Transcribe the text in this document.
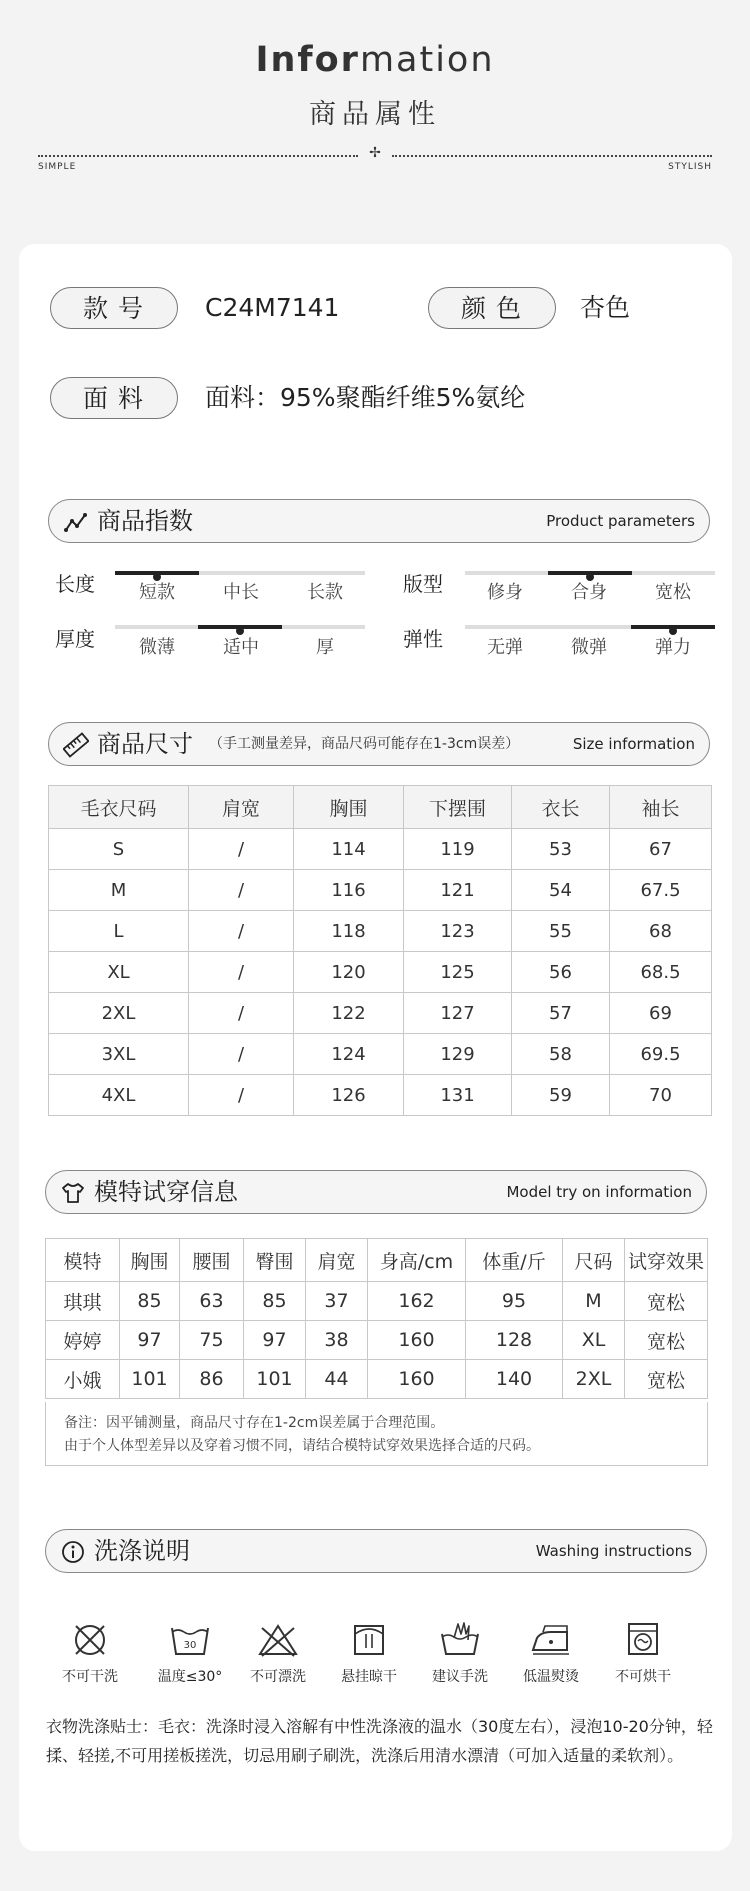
Information
商品属性
✢
SIMPLE	STYLISH
款号	C24M7141	颜色	杏色
面料	面料：95%聚酯纤维5%氨纶
商品指数	Product parameters
长度	短款	中长	长款	版型	修身	合身	宽松
厚度	微薄	适中	厚	弹性	无弹	微弹	弹力
商品尺寸 （手工测量差异，商品尺码可能存在1-3cm误差）	Size information
毛衣尺码	肩宽	胸围	下摆围	衣长	袖长
S	/	114	119	53	67
M	/	116	121	54	67.5
L	/	118	123	55	68
XL	/	120	125	56	68.5
2XL	/	122	127	57	69
3XL	/	124	129	58	69.5
4XL	/	126	131	59	70
模特试穿信息	Model try on information
模特	胸围	腰围	臀围	肩宽	身高/cm	体重/斤	尺码	试穿效果
琪琪	85	63	85	37	162	95	M	宽松
婷婷	97	75	97	38	160	128	XL	宽松
小娥	101	86	101	44	160	140	2XL	宽松
备注：因平铺测量，商品尺寸存在1-2cm误差属于合理范围。
由于个人体型差异以及穿着习惯不同，请结合模特试穿效果选择合适的尺码。
洗涤说明	Washing instructions
不可干洗
30
温度≤30°	不可漂洗	悬挂晾干	建议手洗	低温熨烫	不可烘干
衣物洗涤贴士：毛衣：洗涤时浸入溶解有中性洗涤液的温水（30度左右），浸泡10-20分钟，轻揉、轻搓,不可用搓板搓洗，切忌用刷子刷洗，洗涤后用清水漂清（可加入适量的柔软剂）。
